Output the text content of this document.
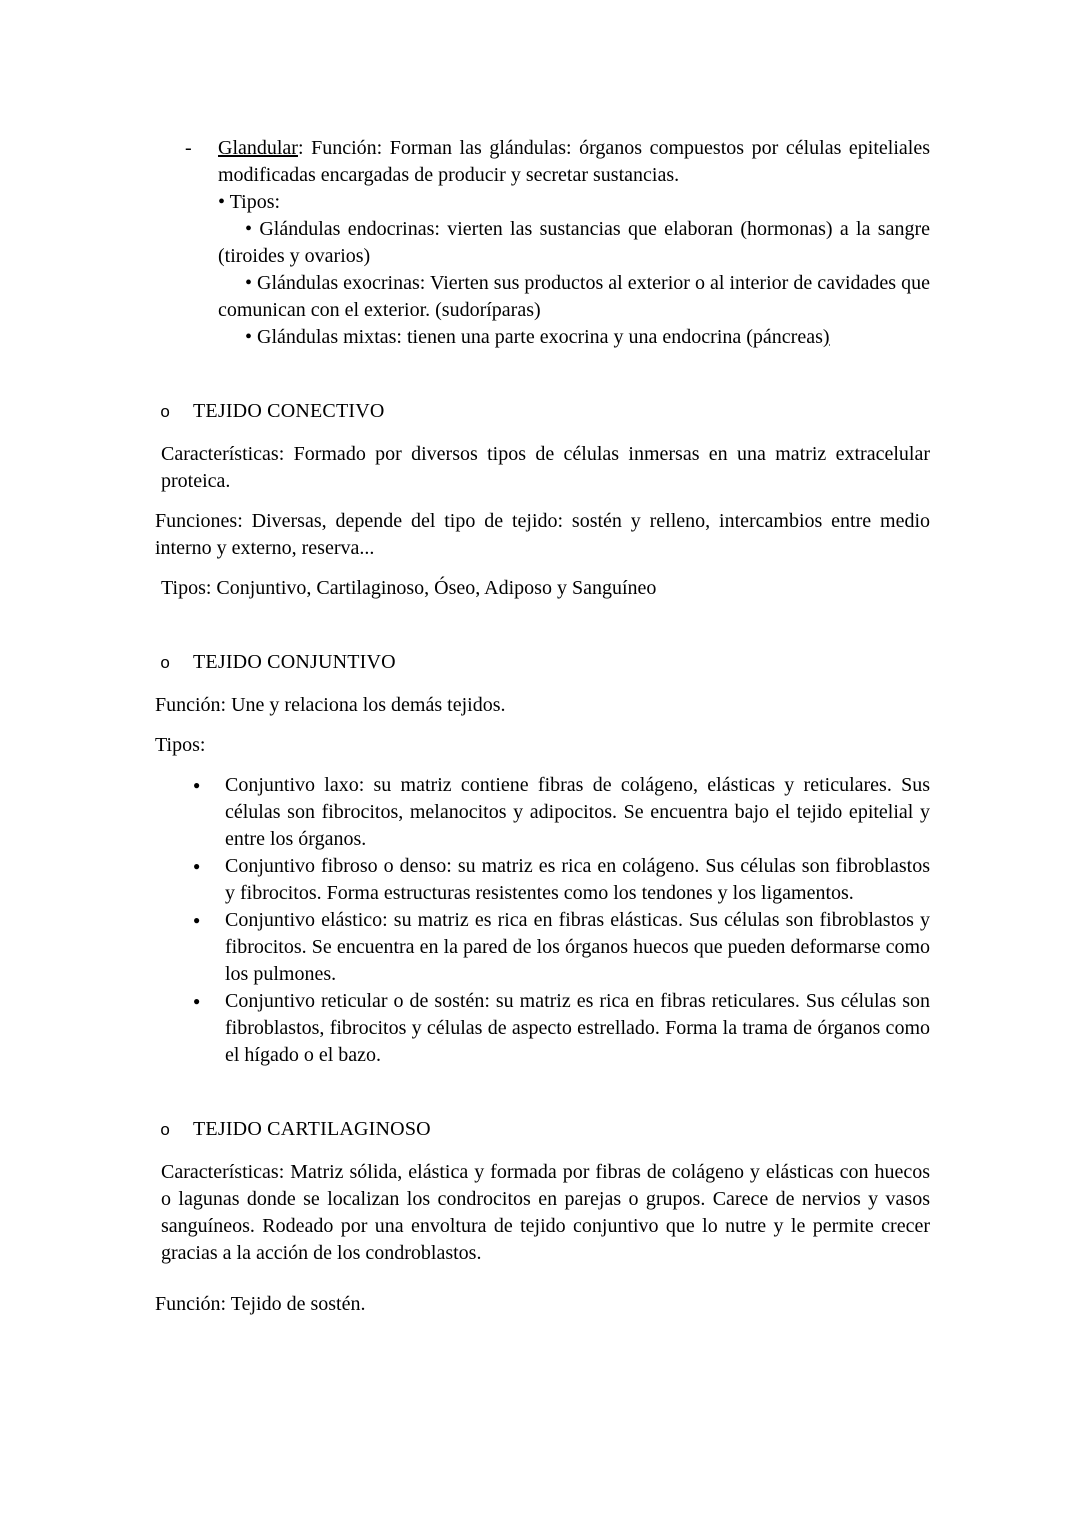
-	Glandular: Función: Forman las glándulas: órganos compuestos por células epiteliales modificadas encargadas de producir y secretar sustancias.

• Tipos:

• Glándulas endocrinas: vierten las sustancias que elaboran (hormonas) a la sangre (tiroides y ovarios)

• Glándulas exocrinas: Vierten sus productos al exterior o al interior de cavidades que comunican con el exterior. (sudoríparas)

• Glándulas mixtas: tienen una parte exocrina y una endocrina (páncreas)

o	TEJIDO CONECTIVO

Características: Formado por diversos tipos de células inmersas en una matriz extracelular proteica.

Funciones: Diversas, depende del tipo de tejido: sostén y relleno, intercambios entre medio interno y externo, reserva...

Tipos: Conjuntivo, Cartilaginoso, Óseo, Adiposo y Sanguíneo

o	TEJIDO CONJUNTIVO

Función: Une y relaciona los demás tejidos.

Tipos:

●	Conjuntivo laxo: su matriz contiene fibras de colágeno, elásticas y reticulares. Sus células son fibrocitos, melanocitos y adipocitos. Se encuentra bajo el tejido epitelial y entre los órganos.

●	Conjuntivo fibroso o denso: su matriz es rica en colágeno. Sus células son fibroblastos y fibrocitos. Forma estructuras resistentes como los tendones y los ligamentos.

●	Conjuntivo elástico: su matriz es rica en fibras elásticas. Sus células son fibroblastos y fibrocitos. Se encuentra en la pared de los órganos huecos que pueden deformarse como los pulmones.

●	Conjuntivo reticular o de sostén: su matriz es rica en fibras reticulares. Sus células son fibroblastos, fibrocitos y células de aspecto estrellado. Forma la trama de órganos como el hígado o el bazo.

o	TEJIDO CARTILAGINOSO

Características: Matriz sólida, elástica y formada por fibras de colágeno y elásticas con huecos o lagunas donde se localizan los condrocitos en parejas o grupos. Carece de nervios y vasos sanguíneos. Rodeado por una envoltura de tejido conjuntivo que lo nutre y le permite crecer gracias a la acción de los condroblastos.

Función: Tejido de sostén.
